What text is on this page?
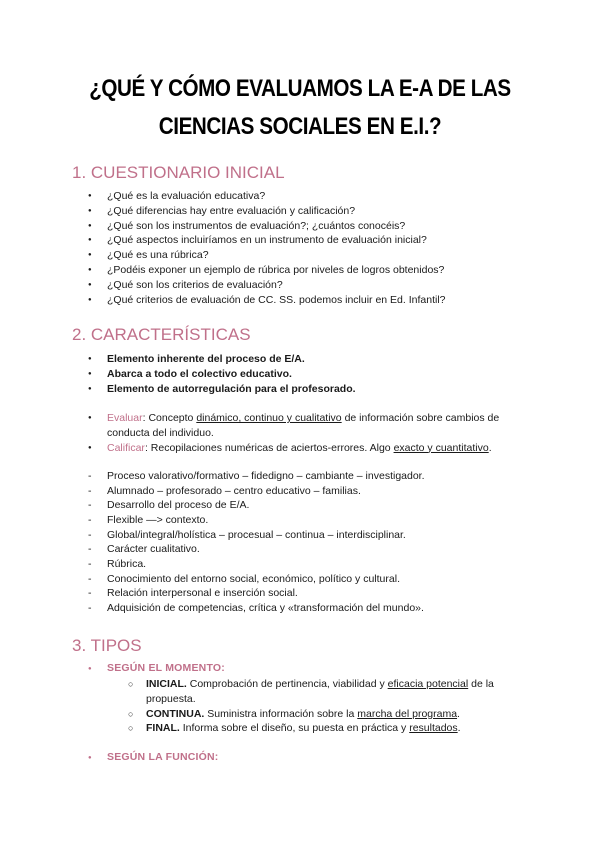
¿QUÉ Y CÓMO EVALUAMOS LA E-A DE LAS
CIENCIAS SOCIALES EN E.I.?
1. CUESTIONARIO INICIAL
● ¿Qué es la evaluación educativa?
● ¿Qué diferencias hay entre evaluación y calificación?
● ¿Qué son los instrumentos de evaluación?; ¿cuántos conocéis?
● ¿Qué aspectos incluiríamos en un instrumento de evaluación inicial?
● ¿Qué es una rúbrica?
● ¿Podéis exponer un ejemplo de rúbrica por niveles de logros obtenidos?
● ¿Qué son los criterios de evaluación?
● ¿Qué criterios de evaluación de CC. SS. podemos incluir en Ed. Infantil?
2. CARACTERÍSTICAS
● Elemento inherente del proceso de E/A.
● Abarca a todo el colectivo educativo.
● Elemento de autorregulación para el profesorado.
● Evaluar: Concepto dinámico, continuo y cualitativo de información sobre cambios de conducta del individuo.
● Calificar: Recopilaciones numéricas de aciertos-errores. Algo exacto y cuantitativo.
- Proceso valorativo/formativo – fidedigno – cambiante – investigador.
- Alumnado – profesorado – centro educativo – familias.
- Desarrollo del proceso de E/A.
- Flexible —> contexto.
- Global/integral/holística – procesual – continua – interdisciplinar.
- Carácter cualitativo.
- Rúbrica.
- Conocimiento del entorno social, económico, político y cultural.
- Relación interpersonal e inserción social.
- Adquisición de competencias, crítica y «transformación del mundo».
3. TIPOS
● SEGÚN EL MOMENTO:
○ INICIAL. Comprobación de pertinencia, viabilidad y eficacia potencial de la propuesta.
○ CONTINUA. Suministra información sobre la marcha del programa.
○ FINAL. Informa sobre el diseño, su puesta en práctica y resultados.
● SEGÚN LA FUNCIÓN:
